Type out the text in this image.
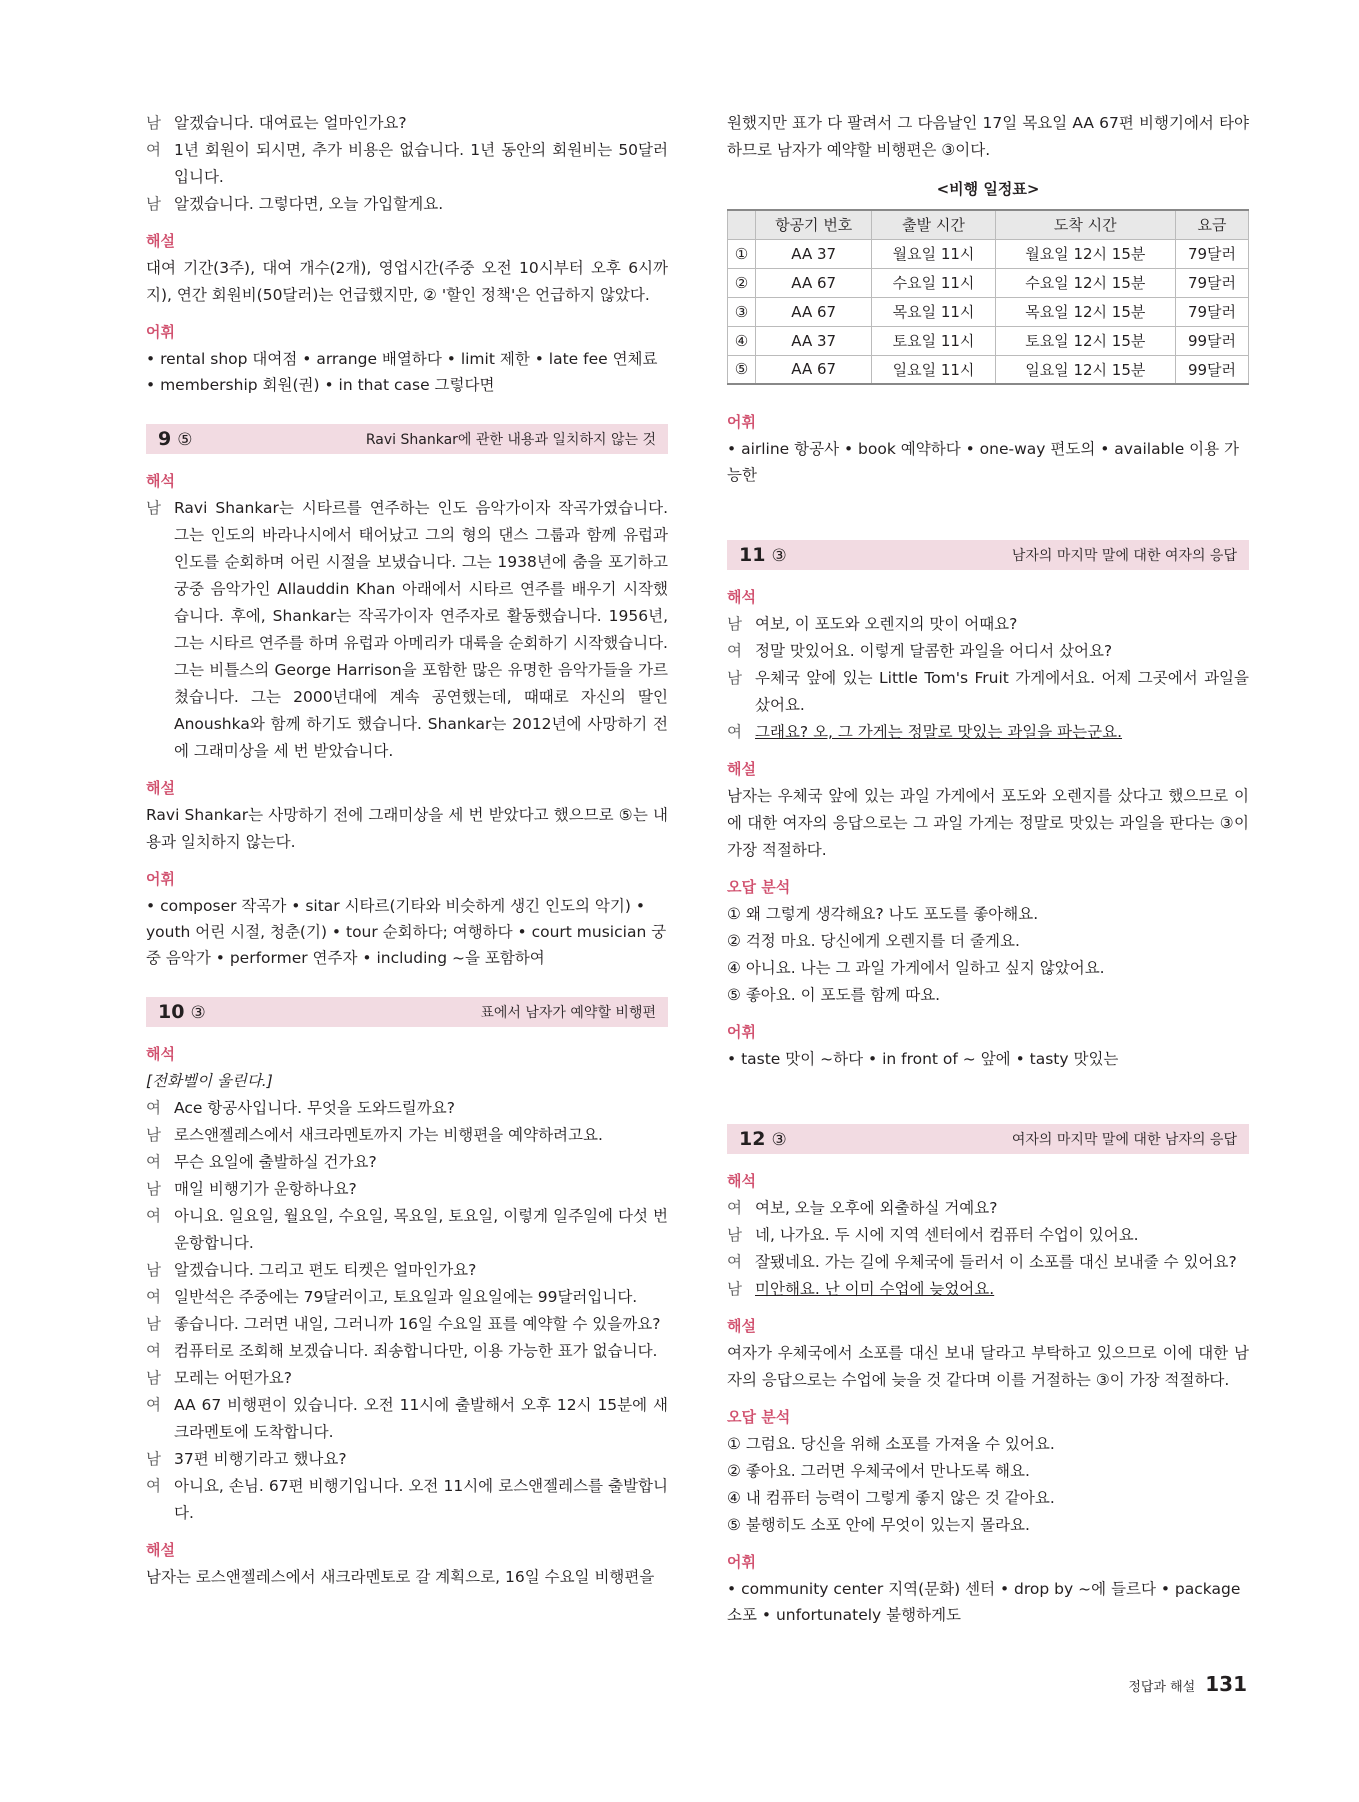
남 알겠습니다. 대여료는 얼마인가요?
여 1년 회원이 되시면, 추가 비용은 없습니다. 1년 동안의 회원비는 50달러 입니다.
남 알겠습니다. 그렇다면, 오늘 가입할게요.
해설

대여 기간(3주), 대여 개수(2개), 영업시간(주중 오전 10시부터 오후 6시까지), 연간 회원비(50달러)는 언급했지만, ② '할인 정책'은 언급하지 않았다.

어휘

• rental shop 대여점 • arrange 배열하다 • limit 제한 • late fee 연체료 • membership 회원(권) • in that case 그렇다면

9 ⑤	Ravi Shankar에 관한 내용과 일치하지 않는 것
해석
남 Ravi Shankar는 시타르를 연주하는 인도 음악가이자 작곡가였습니다. 그는 인도의 바라나시에서 태어났고 그의 형의 댄스 그룹과 함께 유럽과 인도를 순회하며 어린 시절을 보냈습니다. 그는 1938년에 춤을 포기하고 궁중 음악가인 Allauddin Khan 아래에서 시타르 연주를 배우기 시작했습니다. 후에, Shankar는 작곡가이자 연주자로 활동했습니다. 1956년, 그는 시타르 연주를 하며 유럽과 아메리카 대륙을 순회하기 시작했습니다. 그는 비틀스의 George Harrison을 포함한 많은 유명한 음악가들을 가르쳤습니다. 그는 2000년대에 계속 공연했는데, 때때로 자신의 딸인 Anoushka와 함께 하기도 했습니다. Shankar는 2012년에 사망하기 전에 그래미상을 세 번 받았습니다.
해설

Ravi Shankar는 사망하기 전에 그래미상을 세 번 받았다고 했으므로 ⑤는 내용과 일치하지 않는다.

어휘

• composer 작곡가 • sitar 시타르(기타와 비슷하게 생긴 인도의 악기) • youth 어린 시절, 청춘(기) • tour 순회하다; 여행하다 • court musician 궁중 음악가 • performer 연주자 • including ~을 포함하여

10 ③	표에서 남자가 예약할 비행편
해석
[전화벨이 울린다.]
여 Ace 항공사입니다. 무엇을 도와드릴까요?
남 로스앤젤레스에서 새크라멘토까지 가는 비행편을 예약하려고요.
여 무슨 요일에 출발하실 건가요?
남 매일 비행기가 운항하나요?
여 아니요. 일요일, 월요일, 수요일, 목요일, 토요일, 이렇게 일주일에 다섯 번 운항합니다.
남 알겠습니다. 그리고 편도 티켓은 얼마인가요?
여 일반석은 주중에는 79달러이고, 토요일과 일요일에는 99달러입니다.
남 좋습니다. 그러면 내일, 그러니까 16일 수요일 표를 예약할 수 있을까요?
여 컴퓨터로 조회해 보겠습니다. 죄송합니다만, 이용 가능한 표가 없습니다.
남 모레는 어떤가요?
여 AA 67 비행편이 있습니다. 오전 11시에 출발해서 오후 12시 15분에 새크라멘토에 도착합니다.
남 37편 비행기라고 했나요?
여 아니요, 손님. 67편 비행기입니다. 오전 11시에 로스앤젤레스를 출발합니다.
해설

남자는 로스앤젤레스에서 새크라멘토로 갈 계획으로, 16일 수요일 비행편을

원했지만 표가 다 팔려서 그 다음날인 17일 목요일 AA 67편 비행기에서 타야하므로 남자가 예약할 비행편은 ③이다.

<비행 일정표>
	항공기 번호	출발 시간	도착 시간	요금
①	AA 37	월요일 11시	월요일 12시 15분	79달러
②	AA 67	수요일 11시	수요일 12시 15분	79달러
③	AA 67	목요일 11시	목요일 12시 15분	79달러
④	AA 37	토요일 11시	토요일 12시 15분	99달러
⑤	AA 67	일요일 11시	일요일 12시 15분	99달러
어휘

• airline 항공사 • book 예약하다 • one-way 편도의 • available 이용 가능한

11 ③	남자의 마지막 말에 대한 여자의 응답
해석
남 여보, 이 포도와 오렌지의 맛이 어때요?
여 정말 맛있어요. 이렇게 달콤한 과일을 어디서 샀어요?
남 우체국 앞에 있는 Little Tom's Fruit 가게에서요. 어제 그곳에서 과일을 샀어요.
여 그래요? 오, 그 가게는 정말로 맛있는 과일을 파는군요.
해설

남자는 우체국 앞에 있는 과일 가게에서 포도와 오렌지를 샀다고 했으므로 이에 대한 여자의 응답으로는 그 과일 가게는 정말로 맛있는 과일을 판다는 ③이 가장 적절하다.

오답 분석
① 왜 그렇게 생각해요? 나도 포도를 좋아해요.
② 걱정 마요. 당신에게 오렌지를 더 줄게요.
④ 아니요. 나는 그 과일 가게에서 일하고 싶지 않았어요.
⑤ 좋아요. 이 포도를 함께 따요.
어휘

• taste 맛이 ~하다 • in front of ~ 앞에 • tasty 맛있는

12 ③	여자의 마지막 말에 대한 남자의 응답
해석
여 여보, 오늘 오후에 외출하실 거예요?
남 네, 나가요. 두 시에 지역 센터에서 컴퓨터 수업이 있어요.
여 잘됐네요. 가는 길에 우체국에 들러서 이 소포를 대신 보내줄 수 있어요?
남 미안해요. 난 이미 수업에 늦었어요.
해설

여자가 우체국에서 소포를 대신 보내 달라고 부탁하고 있으므로 이에 대한 남자의 응답으로는 수업에 늦을 것 같다며 이를 거절하는 ③이 가장 적절하다.

오답 분석
① 그럼요. 당신을 위해 소포를 가져올 수 있어요.
② 좋아요. 그러면 우체국에서 만나도록 해요.
④ 내 컴퓨터 능력이 그렇게 좋지 않은 것 같아요.
⑤ 불행히도 소포 안에 무엇이 있는지 몰라요.
어휘

• community center 지역(문화) 센터 • drop by ~에 들르다 • package 소포 • unfortunately 불행하게도

정답과 해설 131
